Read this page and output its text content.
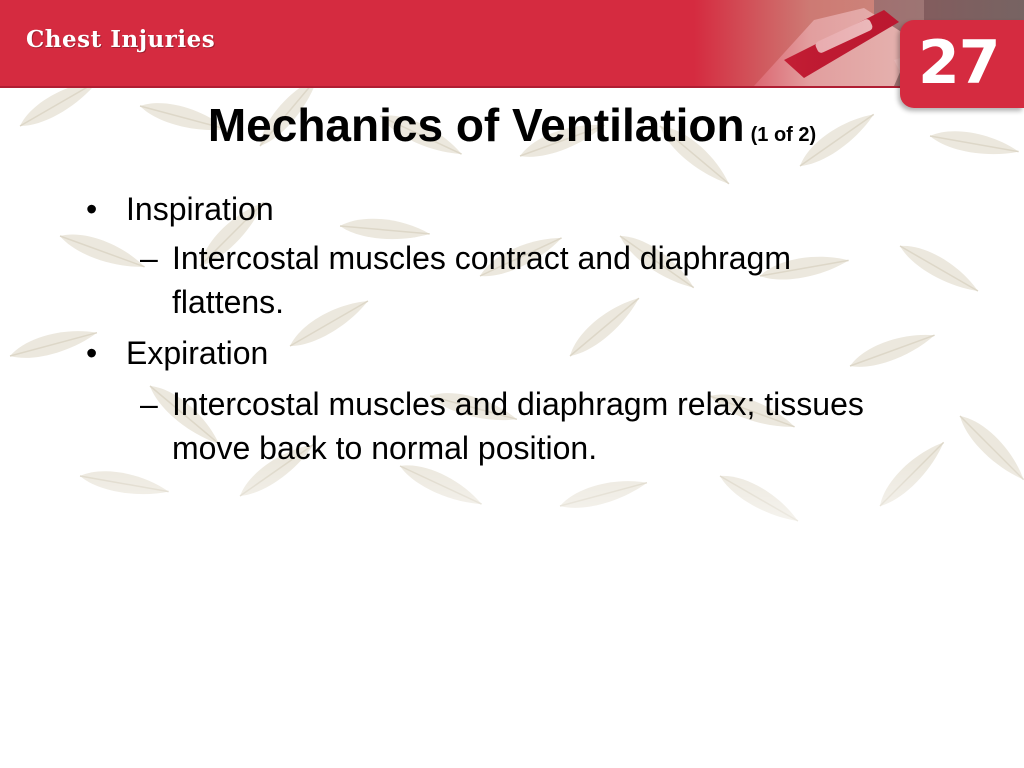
Chest Injuries	27
Mechanics of Ventilation (1 of 2)
• Inspiration
– Intercostal muscles contract and diaphragm flattens.
• Expiration
– Intercostal muscles and diaphragm relax; tissues move back to normal position.
